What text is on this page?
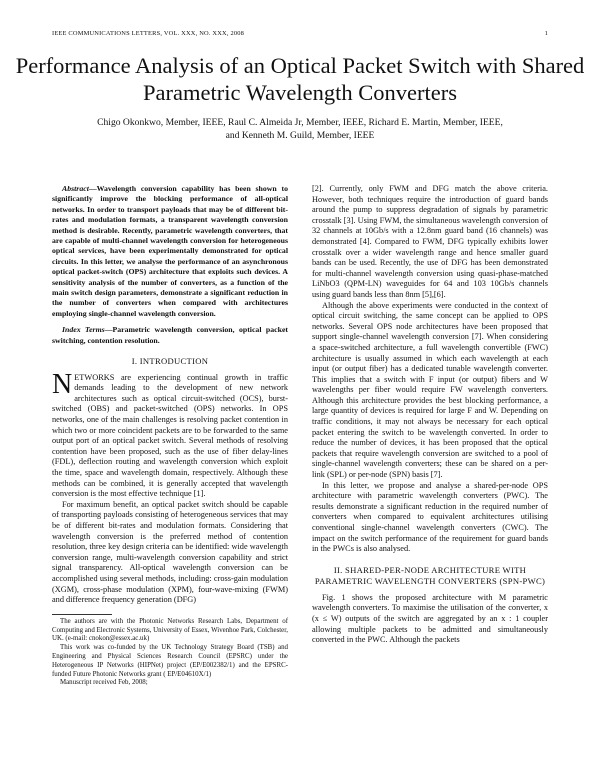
IEEE COMMUNICATIONS LETTERS, VOL. XXX, NO. XXX, 2008	1
Performance Analysis of an Optical Packet Switch with Shared Parametric Wavelength Converters
Chigo Okonkwo, Member, IEEE, Raul C. Almeida Jr, Member, IEEE, Richard E. Martin, Member, IEEE,
and Kenneth M. Guild, Member, IEEE

Abstract—Wavelength conversion capability has been shown to significantly improve the blocking performance of all-optical networks. In order to transport payloads that may be of different bit-rates and modulation formats, a transparent wavelength conversion method is desirable. Recently, parametric wavelength converters, that are capable of multi-channel wavelength conversion for heterogeneous optical services, have been experimentally demonstrated for optical circuits. In this letter, we analyse the performance of an asynchronous optical packet-switch (OPS) architecture that exploits such devices. A sensitivity analysis of the number of converters, as a function of the main switch design parameters, demonstrate a significant reduction in the number of converters when compared with architectures employing single-channel wavelength conversion.

Index Terms—Parametric wavelength conversion, optical packet switching, contention resolution.

I. INTRODUCTION

NETWORKS are experiencing continual growth in traffic demands leading to the development of new network architectures such as optical circuit-switched (OCS), burst-switched (OBS) and packet-switched (OPS) networks. In OPS networks, one of the main challenges is resolving packet contention in which two or more coincident packets are to be forwarded to the same output port of an optical packet switch. Several methods of resolving contention have been proposed, such as the use of fiber delay-lines (FDL), deflection routing and wavelength conversion which exploit the time, space and wavelength domain, respectively. Although these methods can be combined, it is generally accepted that wavelength conversion is the most effective technique [1].

For maximum benefit, an optical packet switch should be capable of transporting payloads consisting of heterogeneous services that may be of different bit-rates and modulation formats. Considering that wavelength conversion is the preferred method of contention resolution, three key design criteria can be identified: wide wavelength conversion range, multi-wavelength conversion capability and strict signal transparency. All-optical wavelength conversion can be accomplished using several methods, including: cross-gain modulation (XGM), cross-phase modulation (XPM), four-wave-mixing (FWM) and difference frequency generation (DFG)

The authors are with the Photonic Networks Research Labs, Department of Computing and Electronic Systems, University of Essex, Wivenhoe Park, Colchester, UK. (e-mail: cnokon@essex.ac.uk)

This work was co-funded by the UK Technology Strategy Board (TSB) and Engineering and Physical Sciences Research Council (EPSRC) under the Heterogeneous IP Networks (HIPNet) project (EP/E002382/1) and the EPSRC-funded Future Photonic Networks grant ( EP/E04610X/1)

Manuscript received Feb, 2008;

[2]. Currently, only FWM and DFG match the above criteria. However, both techniques require the introduction of guard bands around the pump to suppress degradation of signals by parametric crosstalk [3]. Using FWM, the simultaneous wavelength conversion of 32 channels at 10Gb/s with a 12.8nm guard band (16 channels) was demonstrated [4]. Compared to FWM, DFG typically exhibits lower crosstalk over a wider wavelength range and hence smaller guard bands can be used. Recently, the use of DFG has been demonstrated for multi-channel wavelength conversion using quasi-phase-matched LiNbO3 (QPM-LN) waveguides for 64 and 103 10Gb/s channels using guard bands less than 8nm [5],[6].

Although the above experiments were conducted in the context of optical circuit switching, the same concept can be applied to OPS networks. Several OPS node architectures have been proposed that support single-channel wavelength conversion [7]. When considering a space-switched architecture, a full wavelength convertible (FWC) architecture is usually assumed in which each wavelength at each input (or output fiber) has a dedicated tunable wavelength converter. This implies that a switch with F input (or output) fibers and W wavelengths per fiber would require FW wavelength converters. Although this architecture provides the best blocking performance, a large quantity of devices is required for large F and W. Depending on traffic conditions, it may not always be necessary for each optical packet entering the switch to be wavelength converted. In order to reduce the number of devices, it has been proposed that the optical packets that require wavelength conversion are switched to a pool of single-channel wavelength converters; these can be shared on a per-link (SPL) or per-node (SPN) basis [7].

In this letter, we propose and analyse a shared-per-node OPS architecture with parametric wavelength converters (PWC). The results demonstrate a significant reduction in the required number of converters when compared to equivalent architectures utilising conventional single-channel wavelength converters (CWC). The impact on the switch performance of the requirement for guard bands in the PWCs is also analysed.

II. SHARED-PER-NODE ARCHITECTURE WITH
PARAMETRIC WAVELENGTH CONVERTERS (SPN-PWC)

Fig. 1 shows the proposed architecture with M parametric wavelength converters. To maximise the utilisation of the converter, x (x ≤ W) outputs of the switch are aggregated by an x : 1 coupler allowing multiple packets to be admitted and simultaneously converted in the PWC. Although the packets
